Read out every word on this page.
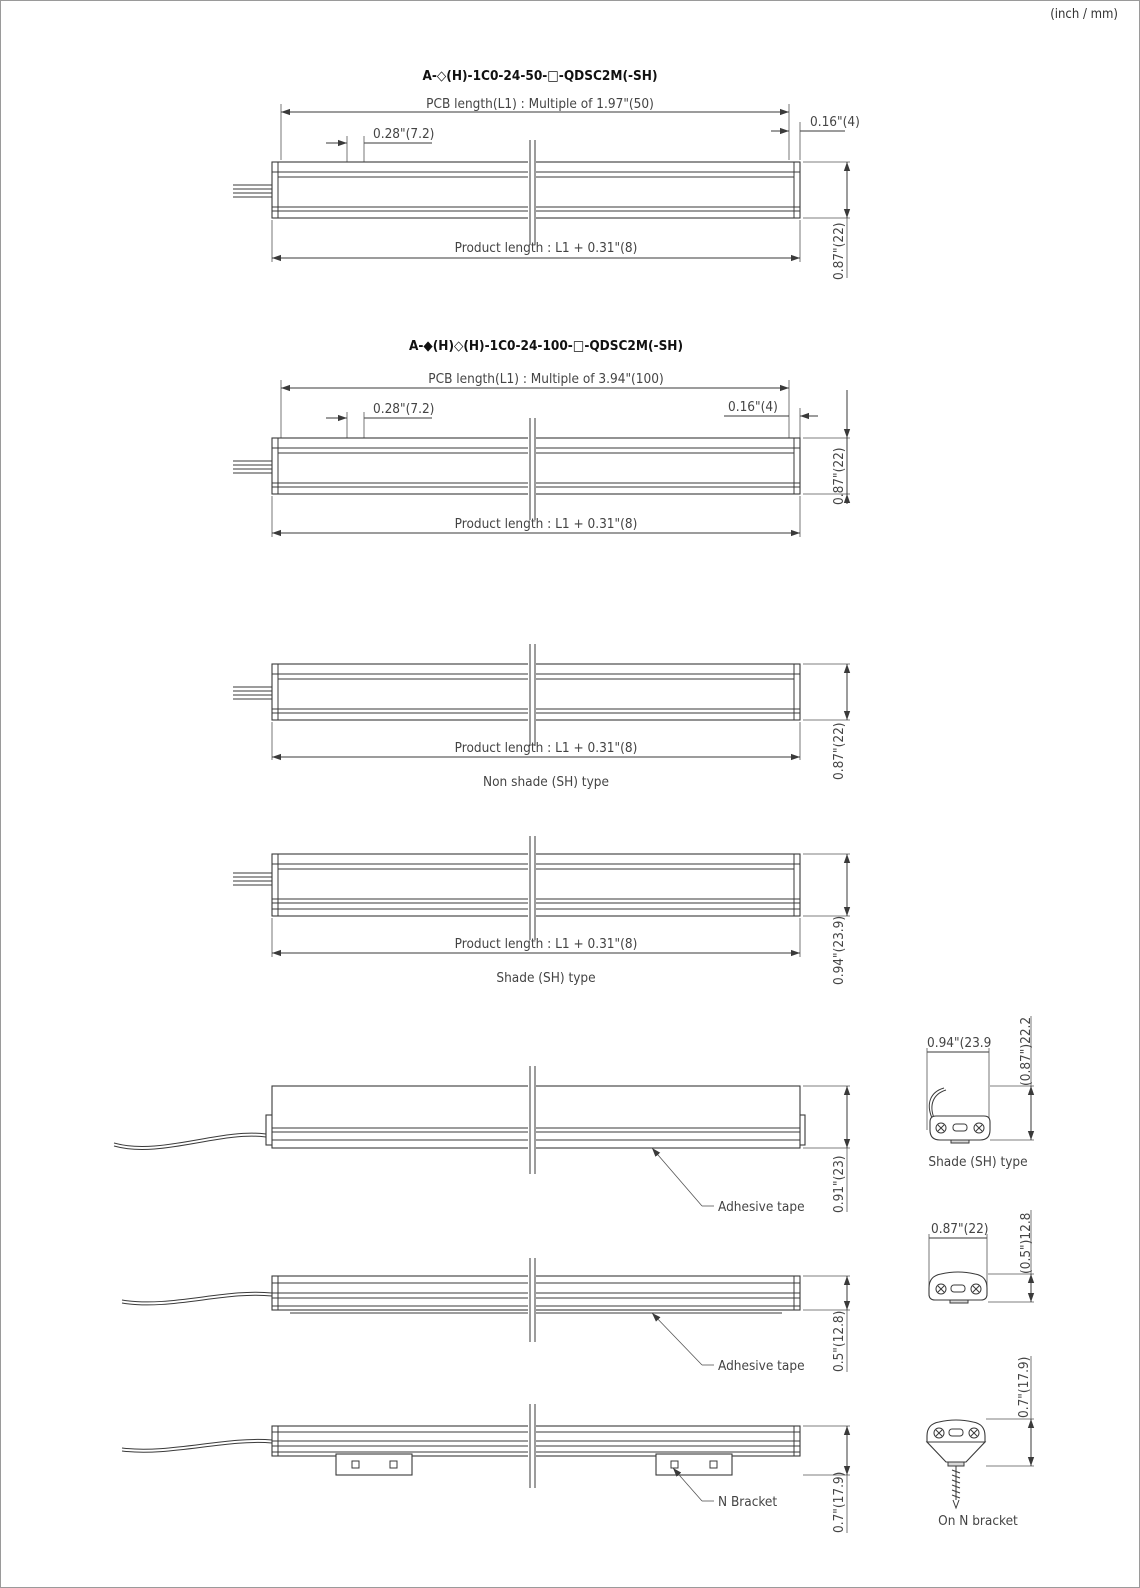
(inch / mm)
A-◇(H)-1C0-24-50-□-QDSC2M(-SH)
PCB length(L1) : Multiple of 1.97"(50)
0.16"(4)
0.28"(7.2)
Product length : L1 + 0.31"(8)	0.87"(22)
A-◆(H)◇(H)-1C0-24-100-□-QDSC2M(-SH)
PCB length(L1) : Multiple of 3.94"(100)
0.16"(4)
0.28"(7.2)
Product length : L1 + 0.31"(8)
0.87"(22)
Product length : L1 + 0.31"(8)
Non shade (SH) type
0.87"(22)
Product length : L1 + 0.31"(8)
Shade (SH) type	0.94"(23.9)
Adhesive tape 0.91"(23)
0.94"(23.9 (0.87")22.2
Shade (SH) type
Adhesive tape 0.5"(12.8)
0.87"(22) (0.5")12.8
N Bracket	0.7"(17.9)
0.7"(17.9)
On N bracket
